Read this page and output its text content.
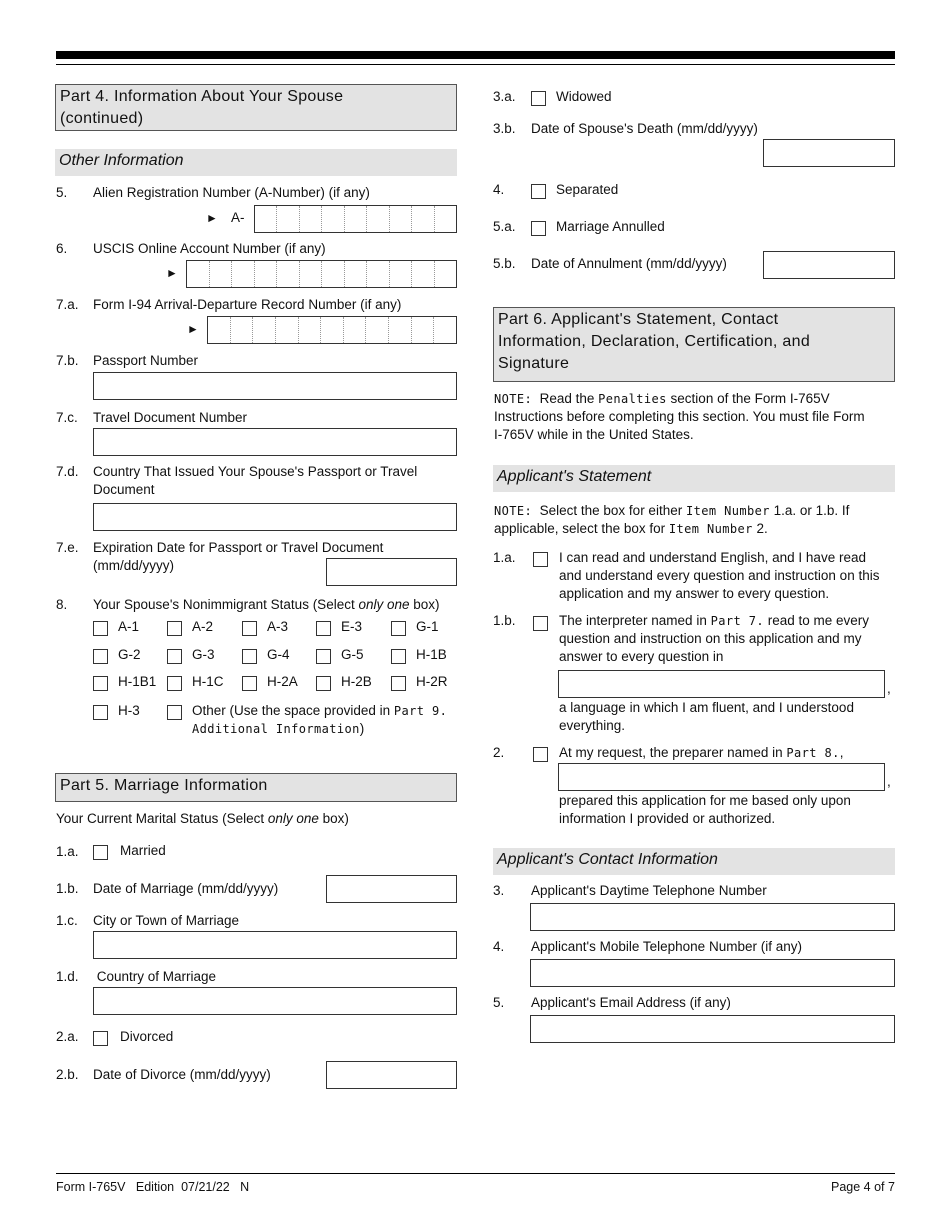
Part 4. Information About Your Spouse
(continued)
Other Information
5.	Alien Registration Number (A-Number) (if any)
► A-
6.	USCIS Online Account Number (if any)
►
7.a.	Form I-94 Arrival-Departure Record Number (if any)
►
7.b.	Passport Number
7.c.	Travel Document Number
7.d.	Country That Issued Your Spouse's Passport or Travel Document
7.e.	Expiration Date for Passport or Travel Document (mm/dd/yyyy)
8.	Your Spouse's Nonimmigrant Status (Select only one box)
A-1	A-2	A-3	E-3	G-1
G-2	G-3	G-4	G-5	H-1B
H-1B1	H-1C	H-2A	H-2B	H-2R
H-3	Other (Use the space provided in Part 9.
Additional Information)
Part 5. Marriage Information
Your Current Marital Status (Select only one box)
1.a.	Married
1.b.	Date of Marriage (mm/dd/yyyy)
1.c.	City or Town of Marriage
1.d.	Country of Marriage
2.a.	Divorced
2.b.	Date of Divorce (mm/dd/yyyy)
3.a.	Widowed
3.b.	Date of Spouse's Death (mm/dd/yyyy)
4.	Separated
5.a.	Marriage Annulled
5.b.	Date of Annulment (mm/dd/yyyy)
Part 6. Applicant's Statement, Contact
Information, Declaration, Certification, and
Signature
NOTE:  Read the Penalties section of the Form I-765V
Instructions before completing this section. You must file Form
I-765V while in the United States.
Applicant's Statement
NOTE:  Select the box for either Item Number 1.a. or 1.b. If
applicable, select the box for Item Number 2.
1.a.	I can read and understand English, and I have read
and understand every question and instruction on this
application and my answer to every question.
1.b.	The interpreter named in Part 7. read to me every
question and instruction on this application and my
answer to every question in
,
a language in which I am fluent, and I understood
everything.
2.	At my request, the preparer named in Part 8.,
,
prepared this application for me based only upon
information I provided or authorized.
Applicant's Contact Information
3.	Applicant's Daytime Telephone Number
4.	Applicant's Mobile Telephone Number (if any)
5.	Applicant's Email Address (if any)
Form I-765V Edition 07/21/22 N	Page 4 of 7
